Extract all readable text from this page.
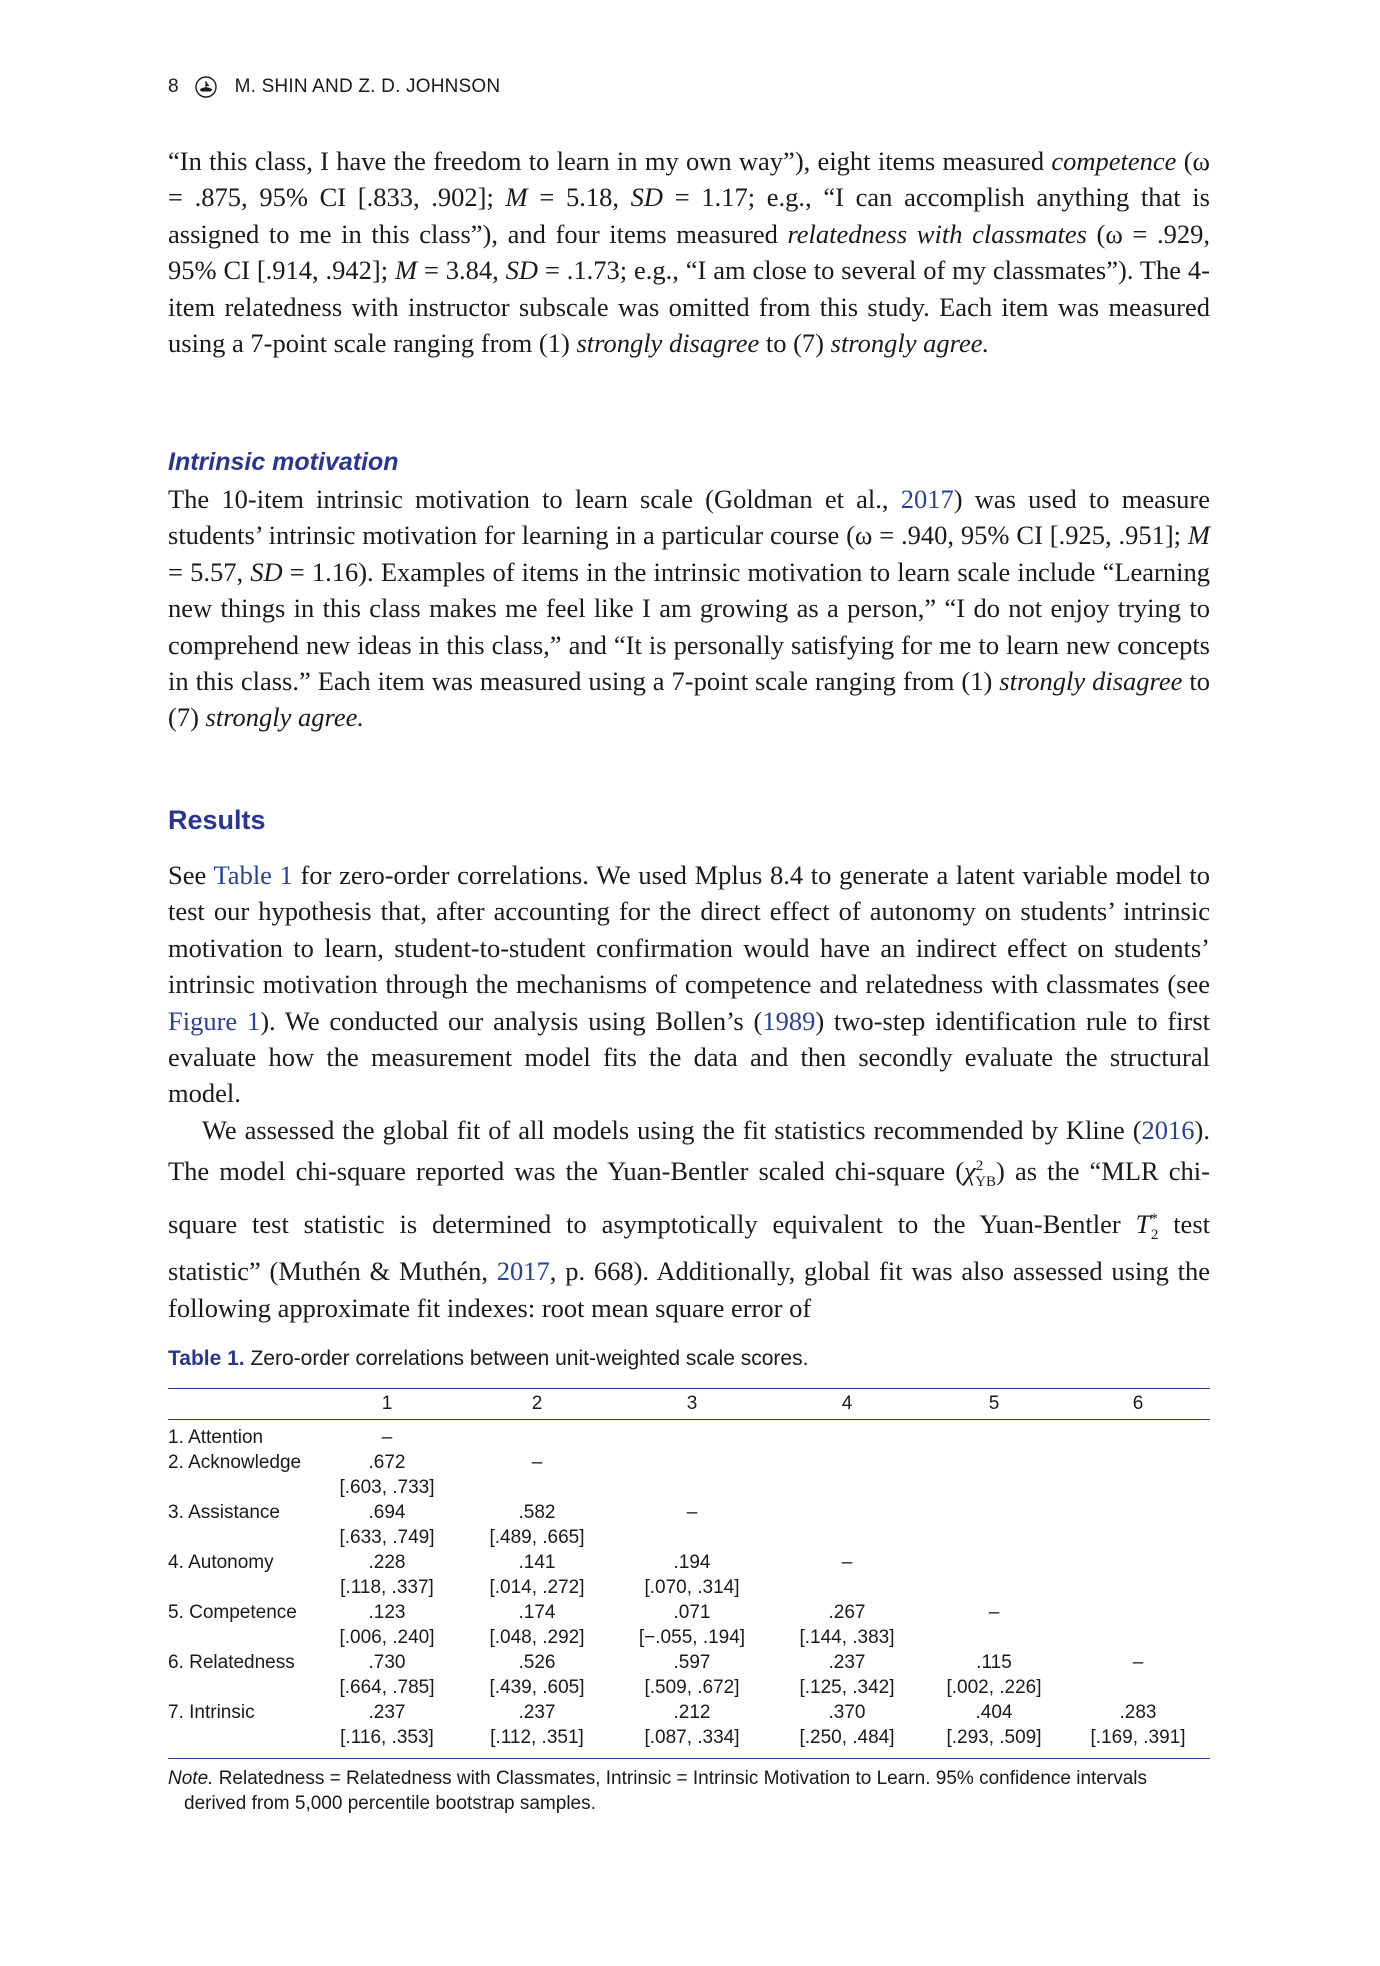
8	M. SHIN AND Z. D. JOHNSON

“In this class, I have the freedom to learn in my own way”), eight items measured competence (ω = .875, 95% CI [.833, .902]; M = 5.18, SD = 1.17; e.g., “I can accomplish anything that is assigned to me in this class”), and four items measured relatedness with classmates (ω = .929, 95% CI [.914, .942]; M = 3.84, SD = .1.73; e.g., “I am close to several of my classmates”). The 4-item relatedness with instructor subscale was omitted from this study. Each item was measured using a 7-point scale ranging from (1) strongly disagree to (7) strongly agree.

Intrinsic motivation

The 10-item intrinsic motivation to learn scale (Goldman et al., 2017) was used to measure students’ intrinsic motivation for learning in a particular course (ω = .940, 95% CI [.925, .951]; M = 5.57, SD = 1.16). Examples of items in the intrinsic motivation to learn scale include “Learning new things in this class makes me feel like I am growing as a person,” “I do not enjoy trying to comprehend new ideas in this class,” and “It is personally satisfying for me to learn new concepts in this class.” Each item was measured using a 7-point scale ranging from (1) strongly disagree to (7) strongly agree.

Results

See Table 1 for zero-order correlations. We used Mplus 8.4 to generate a latent variable model to test our hypothesis that, after accounting for the direct effect of autonomy on students’ intrinsic motivation to learn, student-to-student confirmation would have an indirect effect on students’ intrinsic motivation through the mechanisms of competence and relatedness with classmates (see Figure 1). We conducted our analysis using Bollen’s (1989) two-step identification rule to first evaluate how the measurement model fits the data and then secondly evaluate the structural model.

We assessed the global fit of all models using the fit statistics recommended by Kline (2016). The model chi-square reported was the Yuan-Bentler scaled chi-square $(\chi^2_{YB})$ as the “MLR chi-square test statistic is determined to asymptotically equivalent to the Yuan-Bentler $T^*_2$ test statistic” (Muthén & Muthén, 2017, p. 668). Additionally, global fit was also assessed using the following approximate fit indexes: root mean square error of

Table 1. Zero-order correlations between unit-weighted scale scores.
	1	2	3	4	5	6

1. Attention	–					
2. Acknowledge	.672	–				
	[.603, .733]					
3. Assistance	.694	.582	–			
	[.633, .749]	[.489, .665]				
4. Autonomy	.228	.141	.194	–		
	[.118, .337]	[.014, .272]	[.070, .314]			
5. Competence	.123	.174	.071	.267	–	
	[.006, .240]	[.048, .292]	[−.055, .194]	[.144, .383]		
6. Relatedness	.730	.526	.597	.237	.115	–
	[.664, .785]	[.439, .605]	[.509, .672]	[.125, .342]	[.002, .226]	
7. Intrinsic	.237	.237	.212	.370	.404	.283
	[.116, .353]	[.112, .351]	[.087, .334]	[.250, .484]	[.293, .509]	[.169, .391]
Note. Relatedness = Relatedness with Classmates, Intrinsic = Intrinsic Motivation to Learn. 95% confidence intervals
derived from 5,000 percentile bootstrap samples.
